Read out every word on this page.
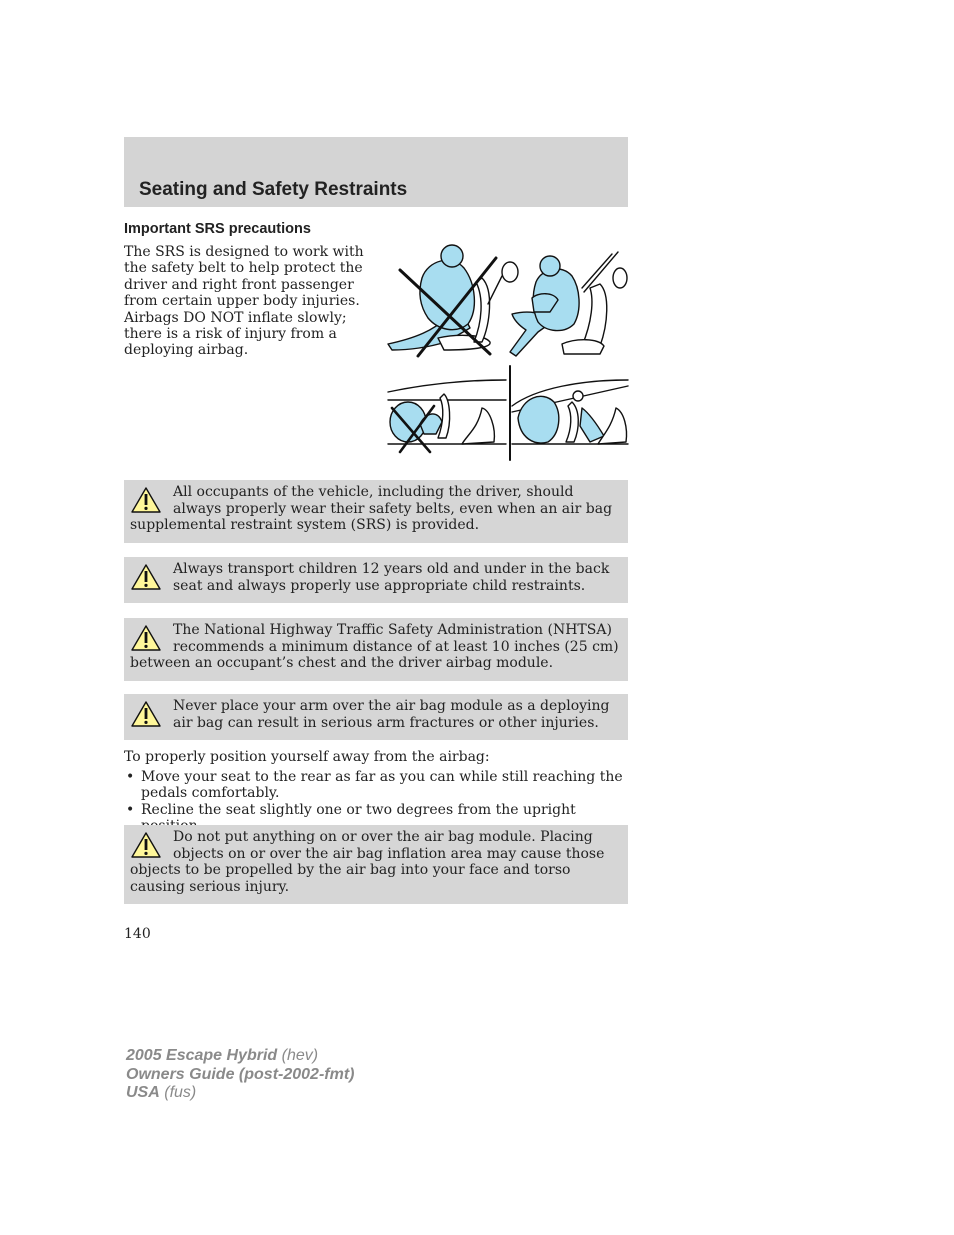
Seating and Safety Restraints
Important SRS precautions
The SRS is designed to work with the safety belt to help protect the driver and right front passenger from certain upper body injuries. Airbags DO NOT inflate slowly; there is a risk of injury from a deploying airbag.
All occupants of the vehicle, including the driver, should always properly wear their safety belts, even when an air bag supplemental restraint system (SRS) is provided.
Always transport children 12 years old and under in the back seat and always properly use appropriate child restraints.
The National Highway Traffic Safety Administration (NHTSA) recommends a minimum distance of at least 10 inches (25 cm) between an occupant’s chest and the driver airbag module.
Never place your arm over the air bag module as a deploying air bag can result in serious arm fractures or other injuries.
To properly position yourself away from the airbag:
• Move your seat to the rear as far as you can while still reaching the pedals comfortably.
• Recline the seat slightly one or two degrees from the upright
Do not put anything on or over the air bag module. Placing objects on or over the air bag inflation area may cause those objects to be propelled by the air bag into your face and torso causing serious injury.
140
2005 Escape Hybrid (hev)
Owners Guide (post-2002-fmt)
USA (fus)
